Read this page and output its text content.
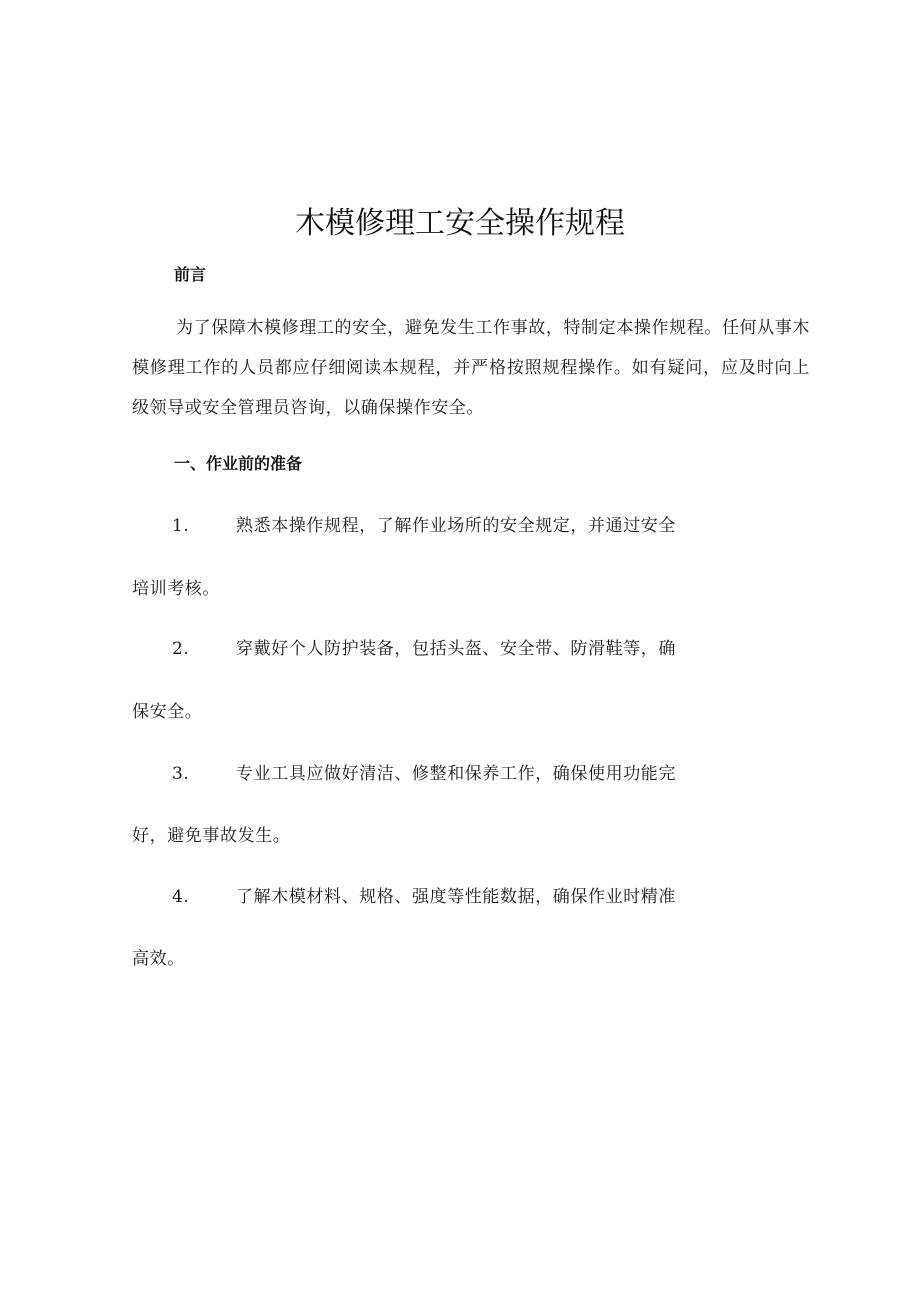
木模修理工安全操作规程
前言

为了保障木模修理工的安全，避免发生工作事故，特制定本操作规程。任何从事木模修理工作的人员都应仔细阅读本规程，并严格按照规程操作。如有疑问，应及时向上级领导或安全管理员咨询，以确保操作安全。

一、作业前的准备
1.	熟悉本操作规程，了解作业场所的安全规定，并通过安全
培训考核。
2.	穿戴好个人防护装备，包括头盔、安全带、防滑鞋等，确
保安全。
3.	专业工具应做好清洁、修整和保养工作，确保使用功能完
好，避免事故发生。
4.	了解木模材料、规格、强度等性能数据，确保作业时精准
高效。
